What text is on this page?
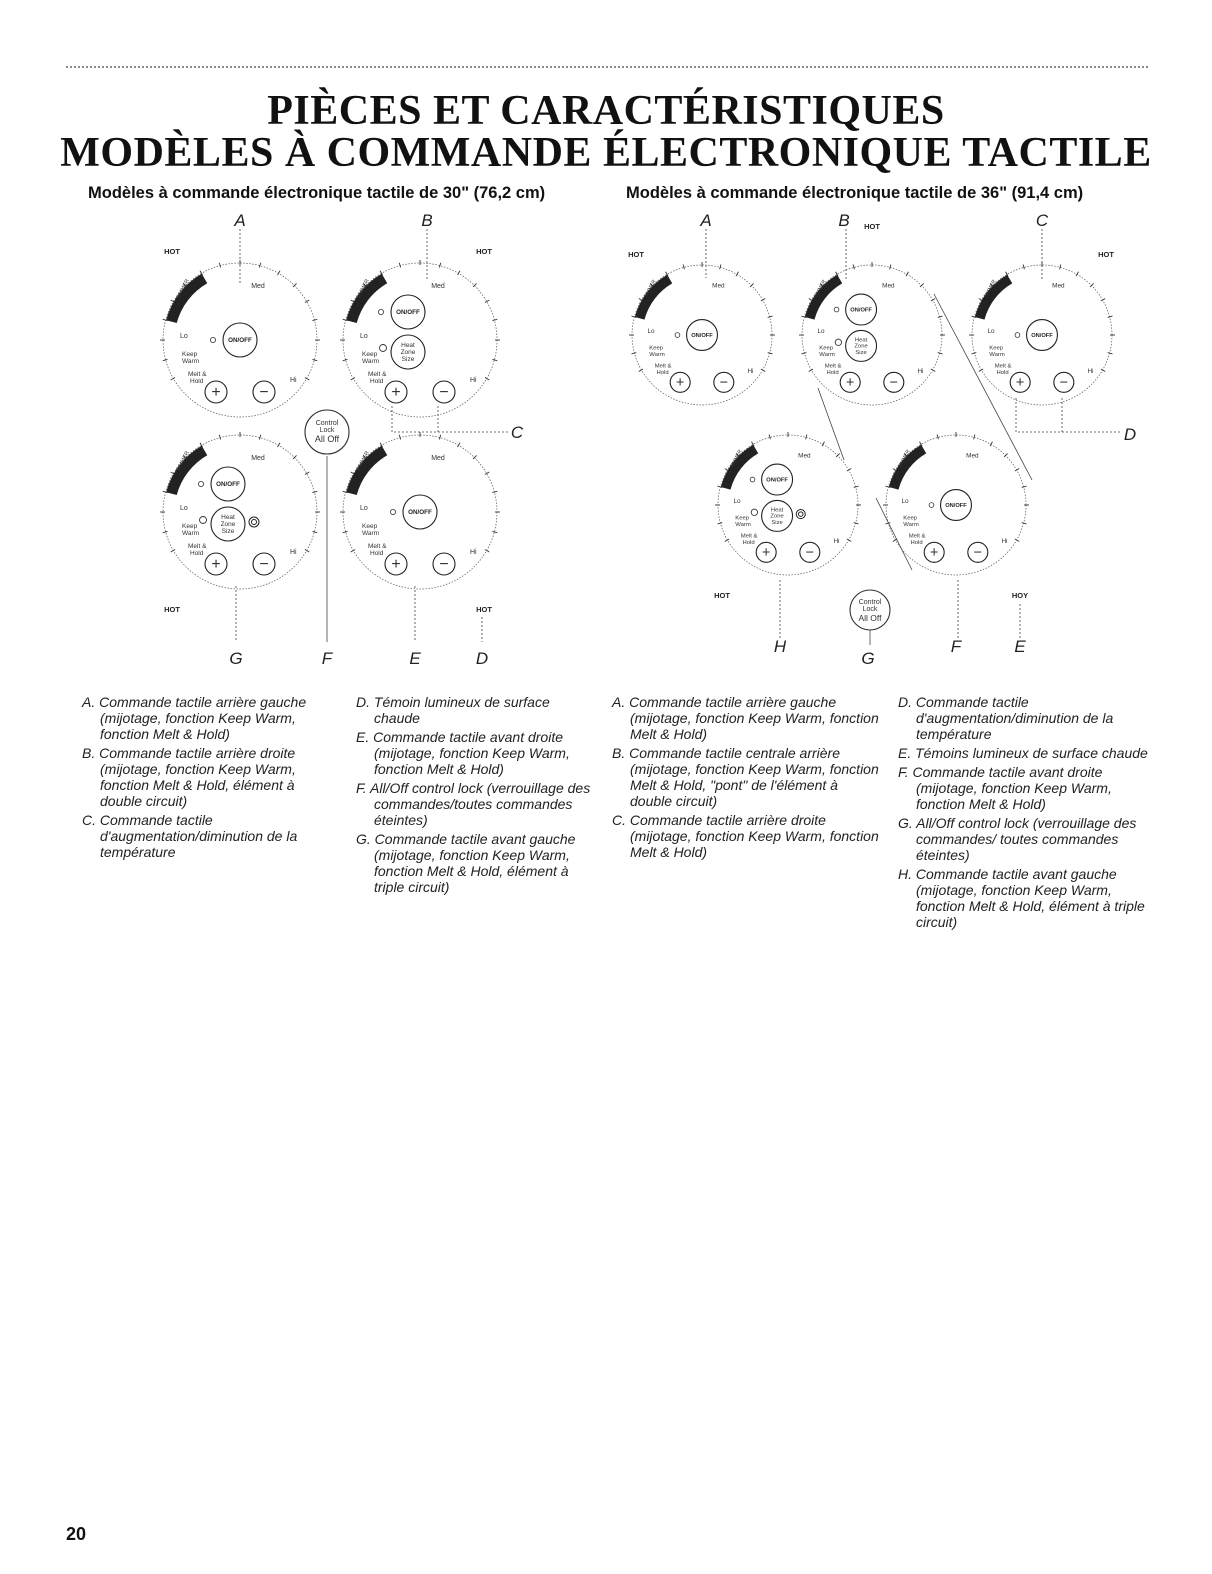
PIÈCES ET CARACTÉRISTIQUES
MODÈLES À COMMANDE ÉLECTRONIQUE TACTILE
Modèles à commande électronique tactile de 30" (76,2 cm)	Modèles à commande électronique tactile de 36" (91,4 cm)
SIMMER	Med
Lo
Hi
Keep
Warm
Melt &
Hold
ON/OFF
+ −
SIMMER	Med
Lo
Hi
Keep
Warm
Melt &
Hold
ON/OFF
Heat
Zone
Size
+ −
SIMMER	Med
Lo
Hi
Keep
Warm
Melt &
Hold
ON/OFF
Heat
Zone
Size
+ −
SIMMER	Med
Lo
Hi
Keep
Warm
Melt &
Hold
ON/OFF
+ −
Control
Lock
All Off
HOT	HOT
HOT	HOT
A	B
C
G	F	E	D
SIMMER	Med
Lo
Hi
Keep
Warm
Melt &
Hold
ON/OFF
+ −
SIMMER	Med
Lo
Hi
Keep
Warm
Melt &
Hold
ON/OFF
Heat
Zone
Size
+ −
SIMMER	Med
Lo
Hi
Keep
Warm
Melt &
Hold
ON/OFF
+ −
SIMMER	Med
Lo
Hi
Keep
Warm
Melt &
Hold
ON/OFF
Heat
Zone
Size
+ −
SIMMER	Med
Lo
Hi
Keep
Warm
Melt &
Hold
ON/OFF
+ −
Control
Lock
All Off
HOT
HOT
HOT
HOT	HOY
A	B	C
D
H
G
F	E

A. Commande tactile arrière gauche (mijotage, fonction Keep Warm, fonction Melt & Hold)

B. Commande tactile arrière droite (mijotage, fonction Keep Warm, fonction Melt & Hold, élément à double circuit)

C. Commande tactile d'augmentation/diminution de la température

D. Témoin lumineux de surface chaude

E. Commande tactile avant droite (mijotage, fonction Keep Warm, fonction Melt & Hold)

F. All/Off control lock (verrouillage des commandes/toutes commandes éteintes)

G. Commande tactile avant gauche (mijotage, fonction Keep Warm, fonction Melt & Hold, élément à triple circuit)

A. Commande tactile arrière gauche (mijotage, fonction Keep Warm, fonction Melt & Hold)

B. Commande tactile centrale arrière (mijotage, fonction Keep Warm, fonction Melt & Hold, "pont" de l'élément à double circuit)

C. Commande tactile arrière droite (mijotage, fonction Keep Warm, fonction Melt & Hold)

D. Commande tactile d'augmentation/diminution de la température

E. Témoins lumineux de surface chaude

F. Commande tactile avant droite (mijotage, fonction Keep Warm, fonction Melt & Hold)

G. All/Off control lock (verrouillage des commandes/ toutes commandes éteintes)

H. Commande tactile avant gauche (mijotage, fonction Keep Warm, fonction Melt & Hold, élément à triple circuit)

20
